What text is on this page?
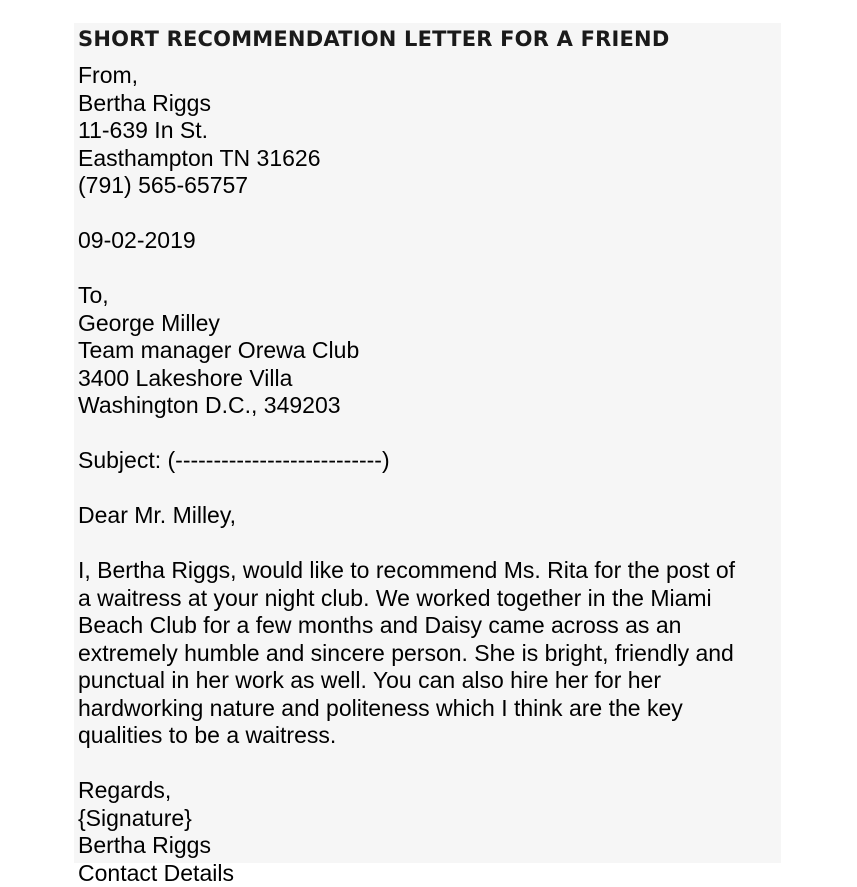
SHORT RECOMMENDATION LETTER FOR A FRIEND
From,
Bertha Riggs
11-639 In St.
Easthampton TN 31626
(791) 565-65757
09-02-2019
To,
George Milley
Team manager Orewa Club
3400 Lakeshore Villa
Washington D.C., 349203
Subject: (---------------------------)
Dear Mr. Milley,
I, Bertha Riggs, would like to recommend Ms. Rita for the post of
a waitress at your night club. We worked together in the Miami
Beach Club for a few months and Daisy came across as an
extremely humble and sincere person. She is bright, friendly and
punctual in her work as well. You can also hire her for her
hardworking nature and politeness which I think are the key
qualities to be a waitress.
Regards,
{Signature}
Bertha Riggs
Contact Details
